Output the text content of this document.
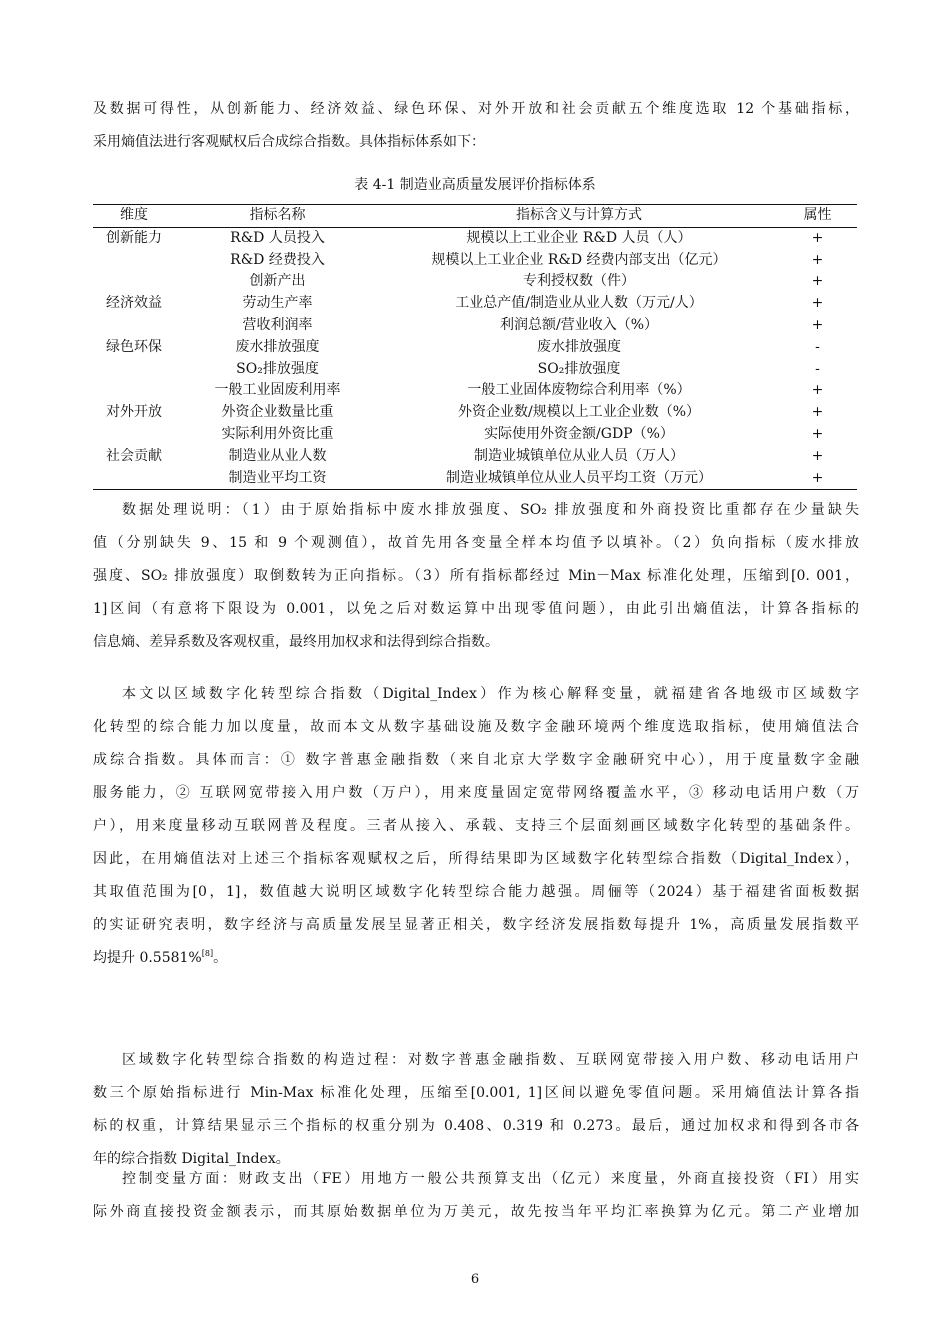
及数据可得性，从创新能力、经济效益、绿色环保、对外开放和社会贡献五个维度选取 12 个基础指标，
采用熵值法进行客观赋权后合成综合指数。具体指标体系如下：
表 4-1 制造业高质量发展评价指标体系
维度	指标名称	指标含义与计算方式	属性
创新能力	R&D 人员投入	规模以上工业企业 R&D 人员（人）	+
	R&D 经费投入	规模以上工业企业 R&D 经费内部支出（亿元）	+
	创新产出	专利授权数（件）	+
经济效益	劳动生产率	工业总产值/制造业从业人数（万元/人）	+
	营收利润率	利润总额/营业收入（%）	+
绿色环保	废水排放强度	废水排放强度	-
	SO₂排放强度	SO₂排放强度	-
	一般工业固废利用率	一般工业固体废物综合利用率（%）	+
对外开放	外资企业数量比重	外资企业数/规模以上工业企业数（%）	+
	实际利用外资比重	实际使用外资金额/GDP（%）	+
社会贡献	制造业从业人数	制造业城镇单位从业人员（万人）	+
	制造业平均工资	制造业城镇单位从业人员平均工资（万元）	+
数据处理说明：（1）由于原始指标中废水排放强度、SO₂ 排放强度和外商投资比重都存在少量缺失
值（分别缺失 9、15 和 9 个观测值），故首先用各变量全样本均值予以填补。（2）负向指标（废水排放
强度、SO₂ 排放强度）取倒数转为正向指标。（3）所有指标都经过 Min－Max 标准化处理，压缩到[0. 001，
1]区间（有意将下限设为 0.001，以免之后对数运算中出现零值问题），由此引出熵值法，计算各指标的
信息熵、差异系数及客观权重，最终用加权求和法得到综合指数。
本文以区域数字化转型综合指数（Digital_Index）作为核心解释变量，就福建省各地级市区域数字
化转型的综合能力加以度量，故而本文从数字基础设施及数字金融环境两个维度选取指标，使用熵值法合
成综合指数。具体而言：① 数字普惠金融指数（来自北京大学数字金融研究中心），用于度量数字金融
服务能力，② 互联网宽带接入用户数（万户），用来度量固定宽带网络覆盖水平，③ 移动电话用户数（万
户），用来度量移动互联网普及程度。三者从接入、承载、支持三个层面刻画区域数字化转型的基础条件。
因此，在用熵值法对上述三个指标客观赋权之后，所得结果即为区域数字化转型综合指数（Digital_Index），
其取值范围为[0，1]，数值越大说明区域数字化转型综合能力越强。周俪等（2024）基于福建省面板数据
的实证研究表明，数字经济与高质量发展呈显著正相关，数字经济发展指数每提升 1%，高质量发展指数平
均提升 0.5581%[8]。
区域数字化转型综合指数的构造过程：对数字普惠金融指数、互联网宽带接入用户数、移动电话用户
数三个原始指标进行 Min-Max 标准化处理，压缩至[0.001, 1]区间以避免零值问题。采用熵值法计算各指
标的权重，计算结果显示三个指标的权重分别为 0.408、0.319 和 0.273。最后，通过加权求和得到各市各
年的综合指数 Digital_Index。
控制变量方面：财政支出（FE）用地方一般公共预算支出（亿元）来度量，外商直接投资（FI）用实
际外商直接投资金额表示，而其原始数据单位为万美元，故先按当年平均汇率换算为亿元。第二产业增加
6
